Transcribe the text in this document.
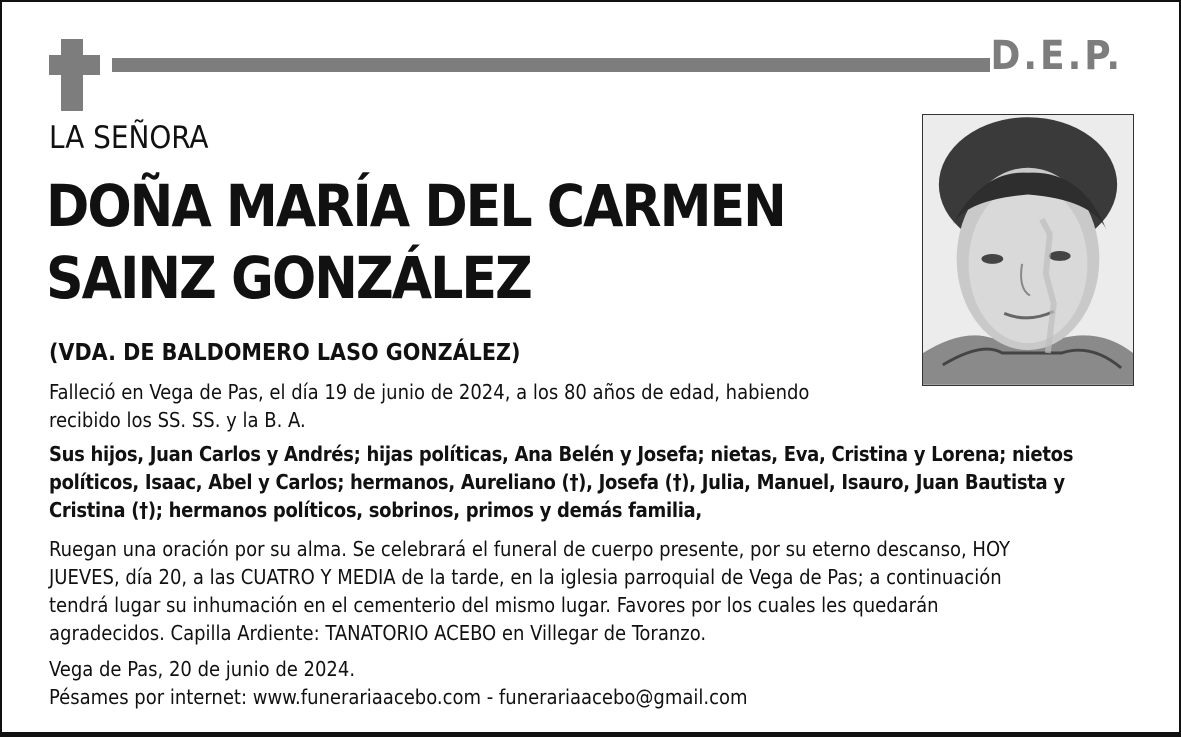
D.E.P.
LA SEÑORA
DOÑA MARÍA DEL CARMEN
SAINZ GONZÁLEZ
(VDA. DE BALDOMERO LASO GONZÁLEZ)
Falleció en Vega de Pas, el día 19 de junio de 2024, a los 80 años de edad, habiendo
recibido los SS. SS. y la B. A.
Sus hijos, Juan Carlos y Andrés; hijas políticas, Ana Belén y Josefa; nietas, Eva, Cristina y Lorena; nietos
políticos, Isaac, Abel y Carlos; hermanos, Aureliano (†), Josefa (†), Julia, Manuel, Isauro, Juan Bautista y
Cristina (†); hermanos políticos, sobrinos, primos y demás familia,
Ruegan una oración por su alma. Se celebrará el funeral de cuerpo presente, por su eterno descanso, HOY
JUEVES, día 20, a las CUATRO Y MEDIA de la tarde, en la iglesia parroquial de Vega de Pas; a continuación
tendrá lugar su inhumación en el cementerio del mismo lugar. Favores por los cuales les quedarán
agradecidos. Capilla Ardiente: TANATORIO ACEBO en Villegar de Toranzo.
Vega de Pas, 20 de junio de 2024.
Pésames por internet: www.funerariaacebo.com - funerariaacebo@gmail.com
